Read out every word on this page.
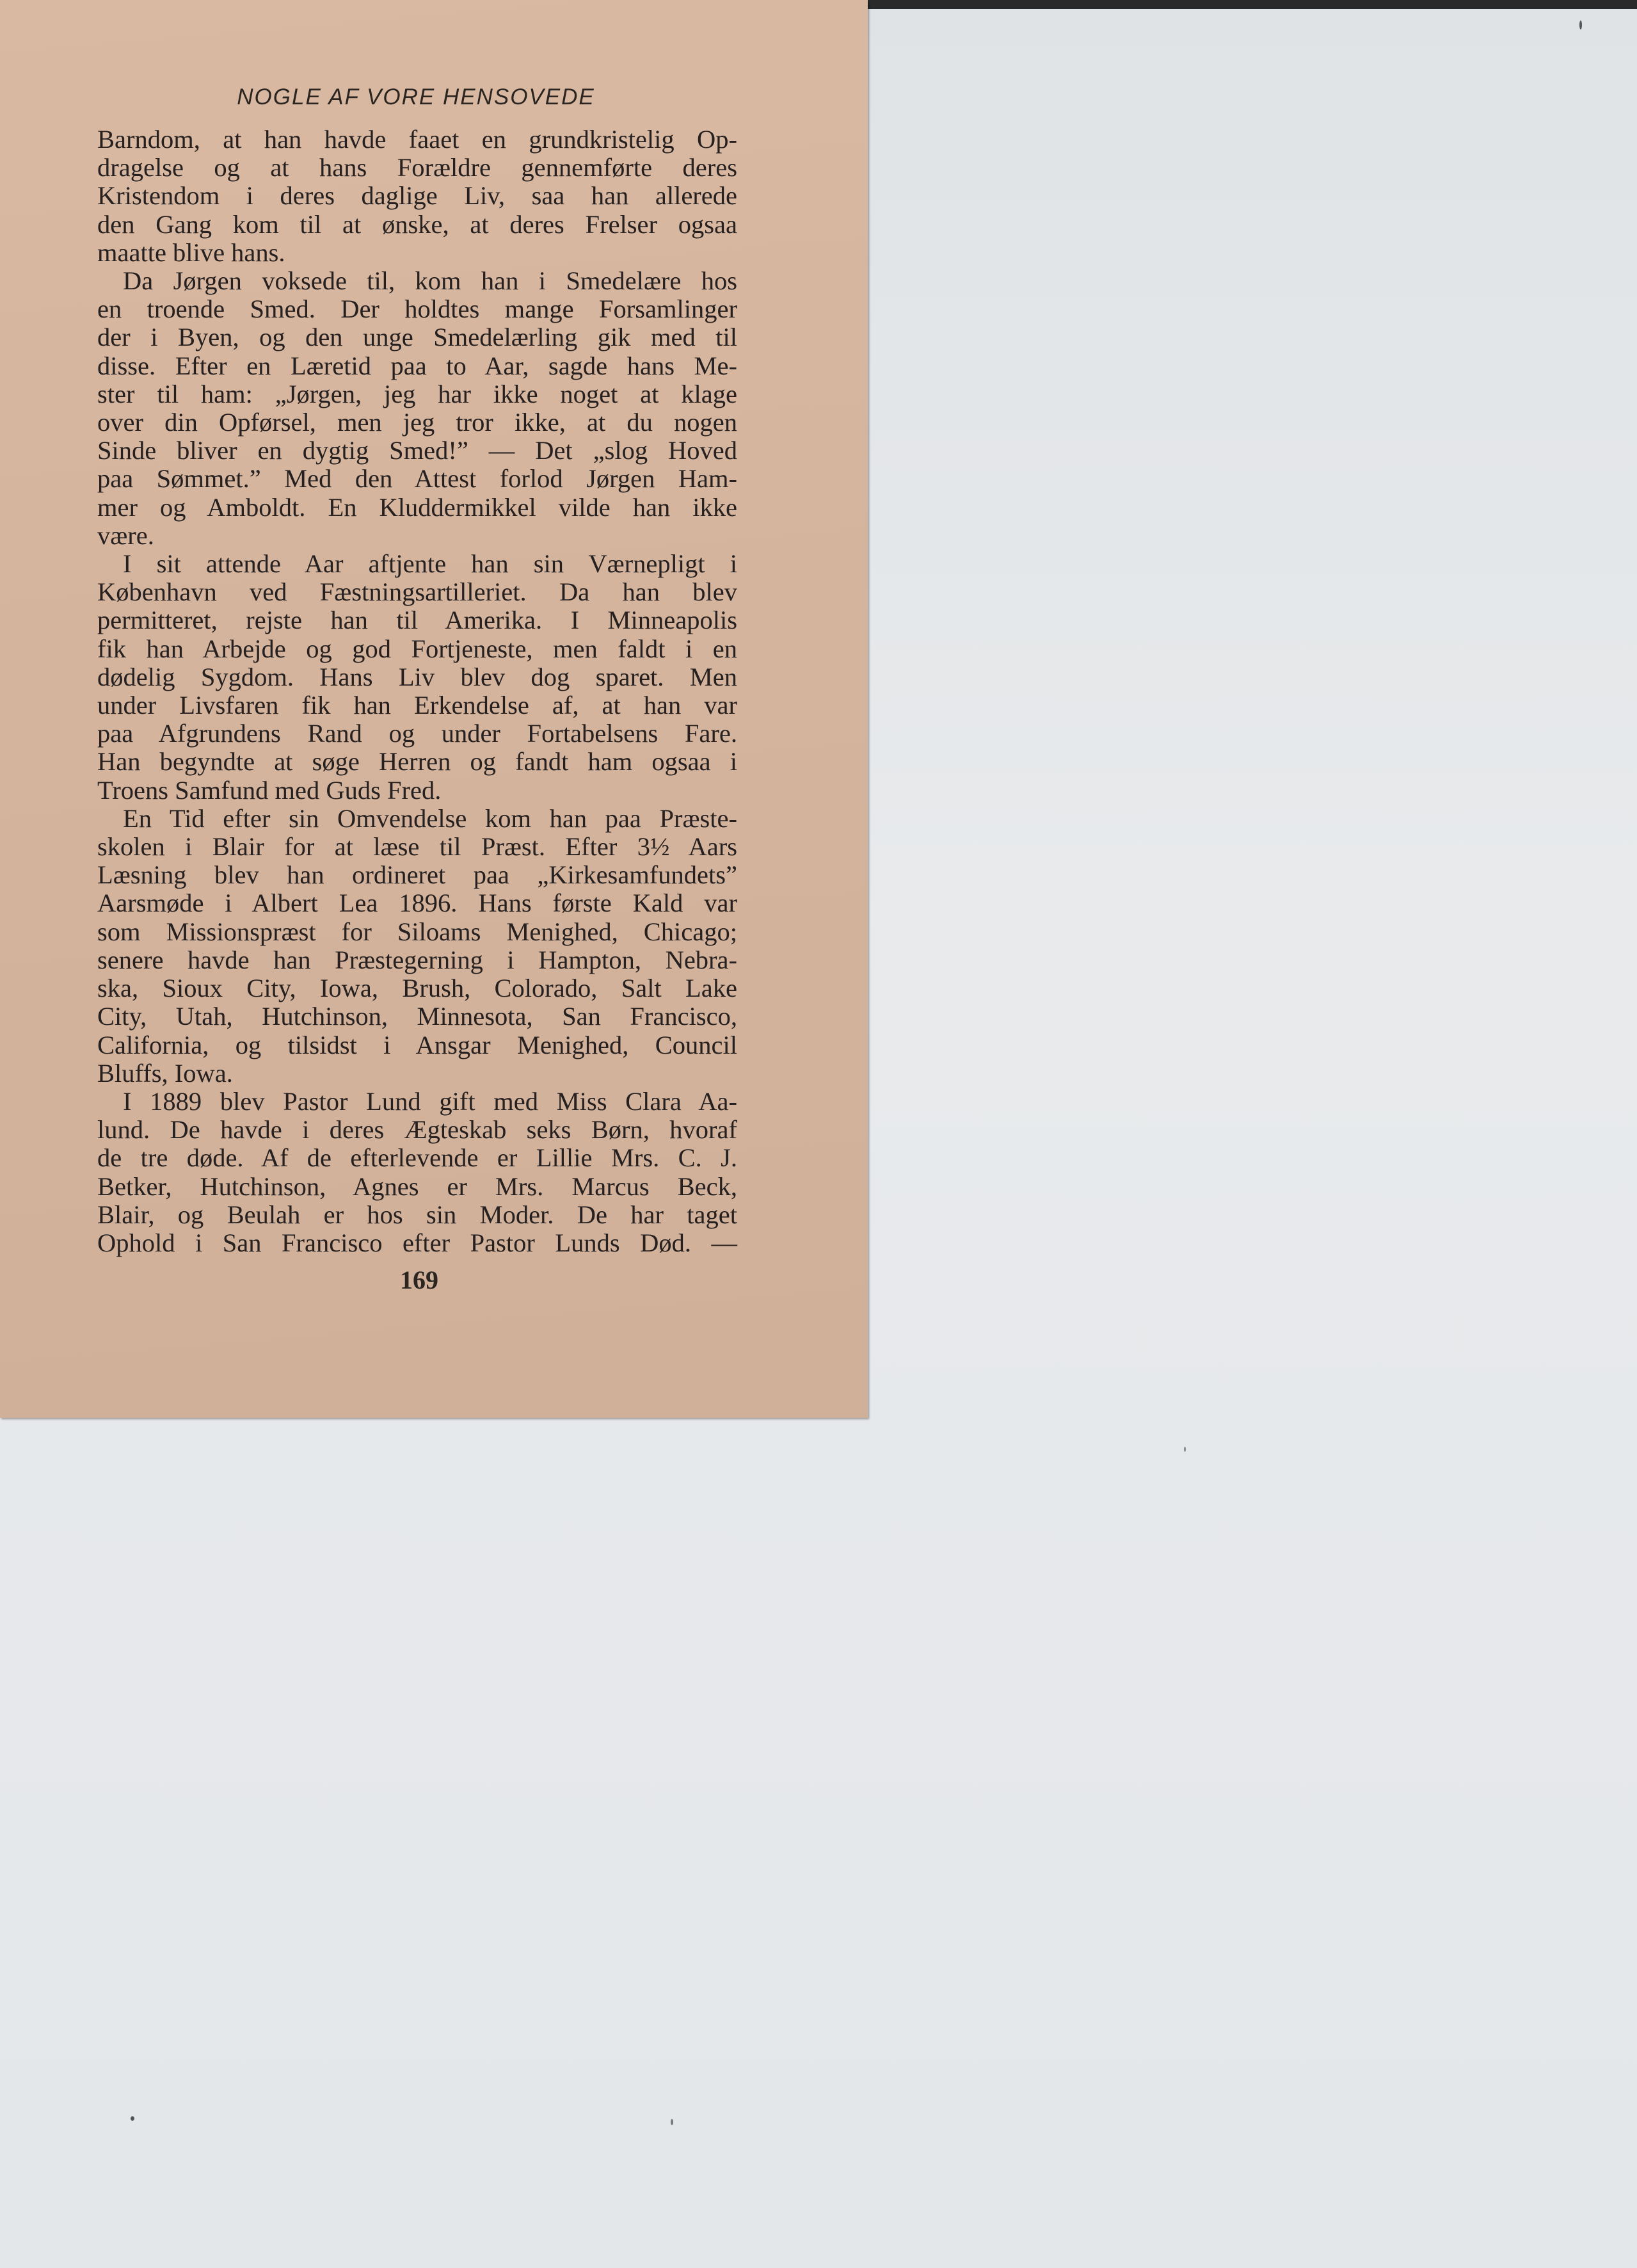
NOGLE AF VORE HENSOVEDE
Barndom, at han havde faaet en grundkristelig Op-
dragelse og at hans Forældre gennemførte deres
Kristendom i deres daglige Liv, saa han allerede
den Gang kom til at ønske, at deres Frelser ogsaa
maatte blive hans.
Da Jørgen voksede til, kom han i Smedelære hos
en troende Smed. Der holdtes mange Forsamlinger
der i Byen, og den unge Smedelærling gik med til
disse. Efter en Læretid paa to Aar, sagde hans Me-
ster til ham: „Jørgen, jeg har ikke noget at klage
over din Opførsel, men jeg tror ikke, at du nogen
Sinde bliver en dygtig Smed!” — Det „slog Hoved
paa Sømmet.” Med den Attest forlod Jørgen Ham-
mer og Amboldt. En Kluddermikkel vilde han ikke
være.
I sit attende Aar aftjente han sin Værnepligt i
København ved Fæstningsartilleriet. Da han blev
permitteret, rejste han til Amerika. I Minneapolis
fik han Arbejde og god Fortjeneste, men faldt i en
dødelig Sygdom. Hans Liv blev dog sparet. Men
under Livsfaren fik han Erkendelse af, at han var
paa Afgrundens Rand og under Fortabelsens Fare.
Han begyndte at søge Herren og fandt ham ogsaa i
Troens Samfund med Guds Fred.
En Tid efter sin Omvendelse kom han paa Præste-
skolen i Blair for at læse til Præst. Efter 3½ Aars
Læsning blev han ordineret paa „Kirkesamfundets”
Aarsmøde i Albert Lea 1896. Hans første Kald var
som Missionspræst for Siloams Menighed, Chicago;
senere havde han Præstegerning i Hampton, Nebra-
ska, Sioux City, Iowa, Brush, Colorado, Salt Lake
City, Utah, Hutchinson, Minnesota, San Francisco,
California, og tilsidst i Ansgar Menighed, Council
Bluffs, Iowa.
I 1889 blev Pastor Lund gift med Miss Clara Aa-
lund. De havde i deres Ægteskab seks Børn, hvoraf
de tre døde. Af de efterlevende er Lillie Mrs. C. J.
Betker, Hutchinson, Agnes er Mrs. Marcus Beck,
Blair, og Beulah er hos sin Moder. De har taget
Ophold i San Francisco efter Pastor Lunds Død. —
169
